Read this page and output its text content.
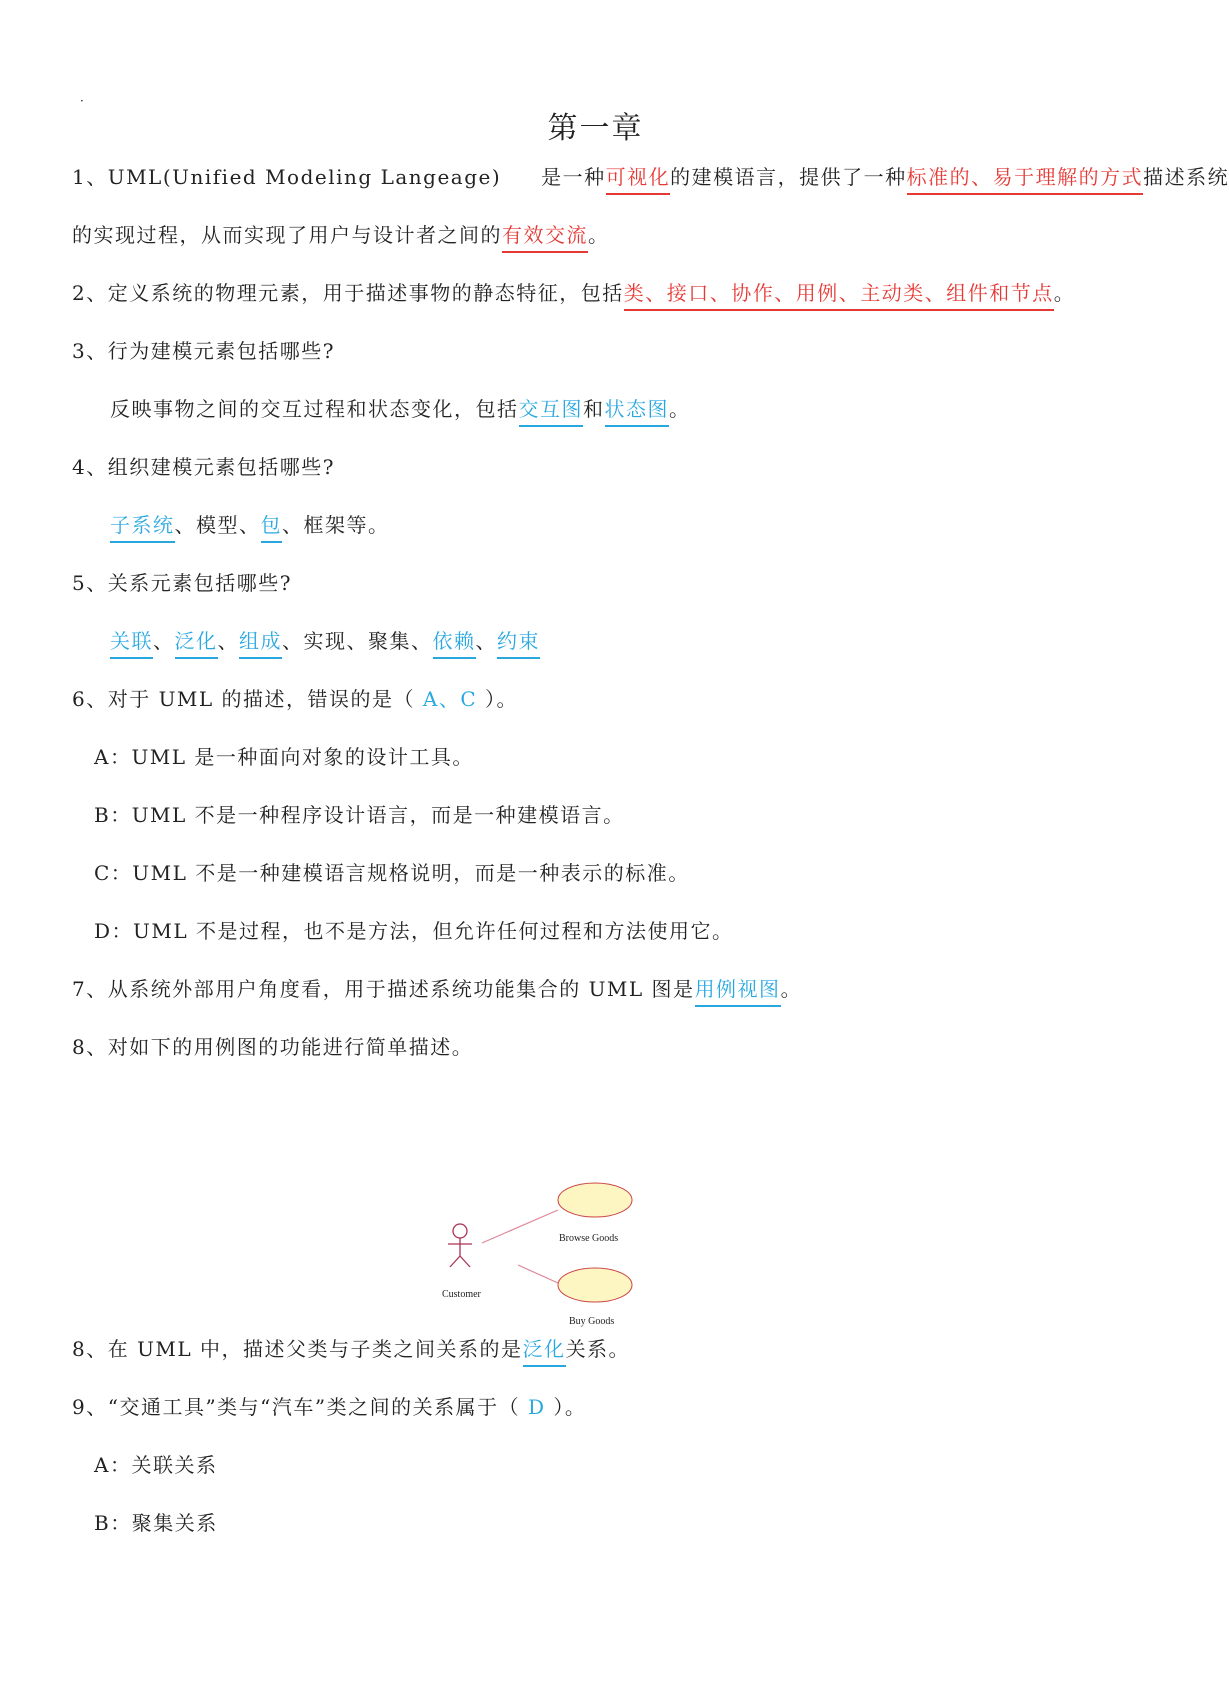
·
第一章
1、UML(Unified Modeling Langeage) 是一种可视化的建模语言，提供了一种标准的、易于理解的方式描述系统
的实现过程，从而实现了用户与设计者之间的有效交流。
2、定义系统的物理元素，用于描述事物的静态特征，包括类、接口、协作、用例、主动类、组件和节点。
3、行为建模元素包括哪些?
反映事物之间的交互过程和状态变化，包括交互图和状态图。
4、组织建模元素包括哪些?
子系统、模型、包、框架等。
5、关系元素包括哪些?
关联、泛化、组成、实现、聚集、依赖、约束
6、对于 UML 的描述，错误的是（ A、C ）。
A：UML 是一种面向对象的设计工具。
B：UML 不是一种程序设计语言，而是一种建模语言。
C：UML 不是一种建模语言规格说明，而是一种表示的标准。
D：UML 不是过程，也不是方法，但允许任何过程和方法使用它。
7、从系统外部用户角度看，用于描述系统功能集合的 UML 图是用例视图。
8、对如下的用例图的功能进行简单描述。
Customer
Browse Goods
Buy Goods
8、在 UML 中，描述父类与子类之间关系的是泛化关系。
9、“交通工具”类与“汽车”类之间的关系属于（ D ）。
A：关联关系
B：聚集关系
